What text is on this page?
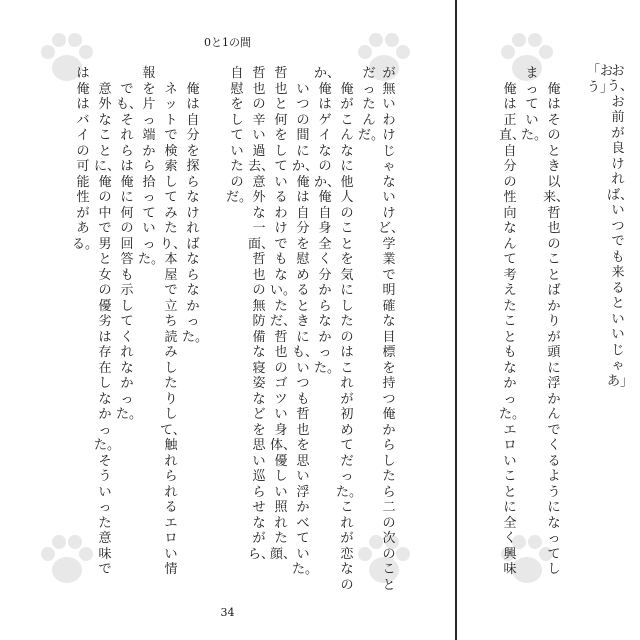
0と1の間
が無いわけじゃないけど、学業で明確な目標を持つ俺からしたら二の次のこと
だったんだ。
　俺がこんなに他人のことを気にしたのはこれが初めてだった。これが恋なの
か、俺はゲイなのか、俺自身全く分からなかった。
　いつの間にか、俺は自分を慰めるときにも、いつも哲也を思い浮かべていた。
哲也と何をしているわけでもない。ただ、哲也のゴツい身体、優しい照れた顔、
哲也の辛い過去、意外な一面、哲也の無防備な寝姿などを思い巡らせながら、
自慰をしていたのだ。
　俺は自分を探らなければならなかった。
　ネットで検索してみたり、本屋で立ち読みしたりして、触れられるエロい情
報を片っ端から拾っていった。
　でも、それらは俺に何の回答も示してくれなかった。
　意外なことに、俺の中で男と女の優劣は存在しなかった。そういった意味で
は俺はバイの可能性がある。
34
　おう、お前が良ければ、いつでも来るといいじゃあ」
「おう」
　俺はそのとき以来、哲也のことばかりが頭に浮かんでくるようになってし
まっていた。
　俺は正直、自分の性向なんて考えたこともなかった。エロいことに全く興味
